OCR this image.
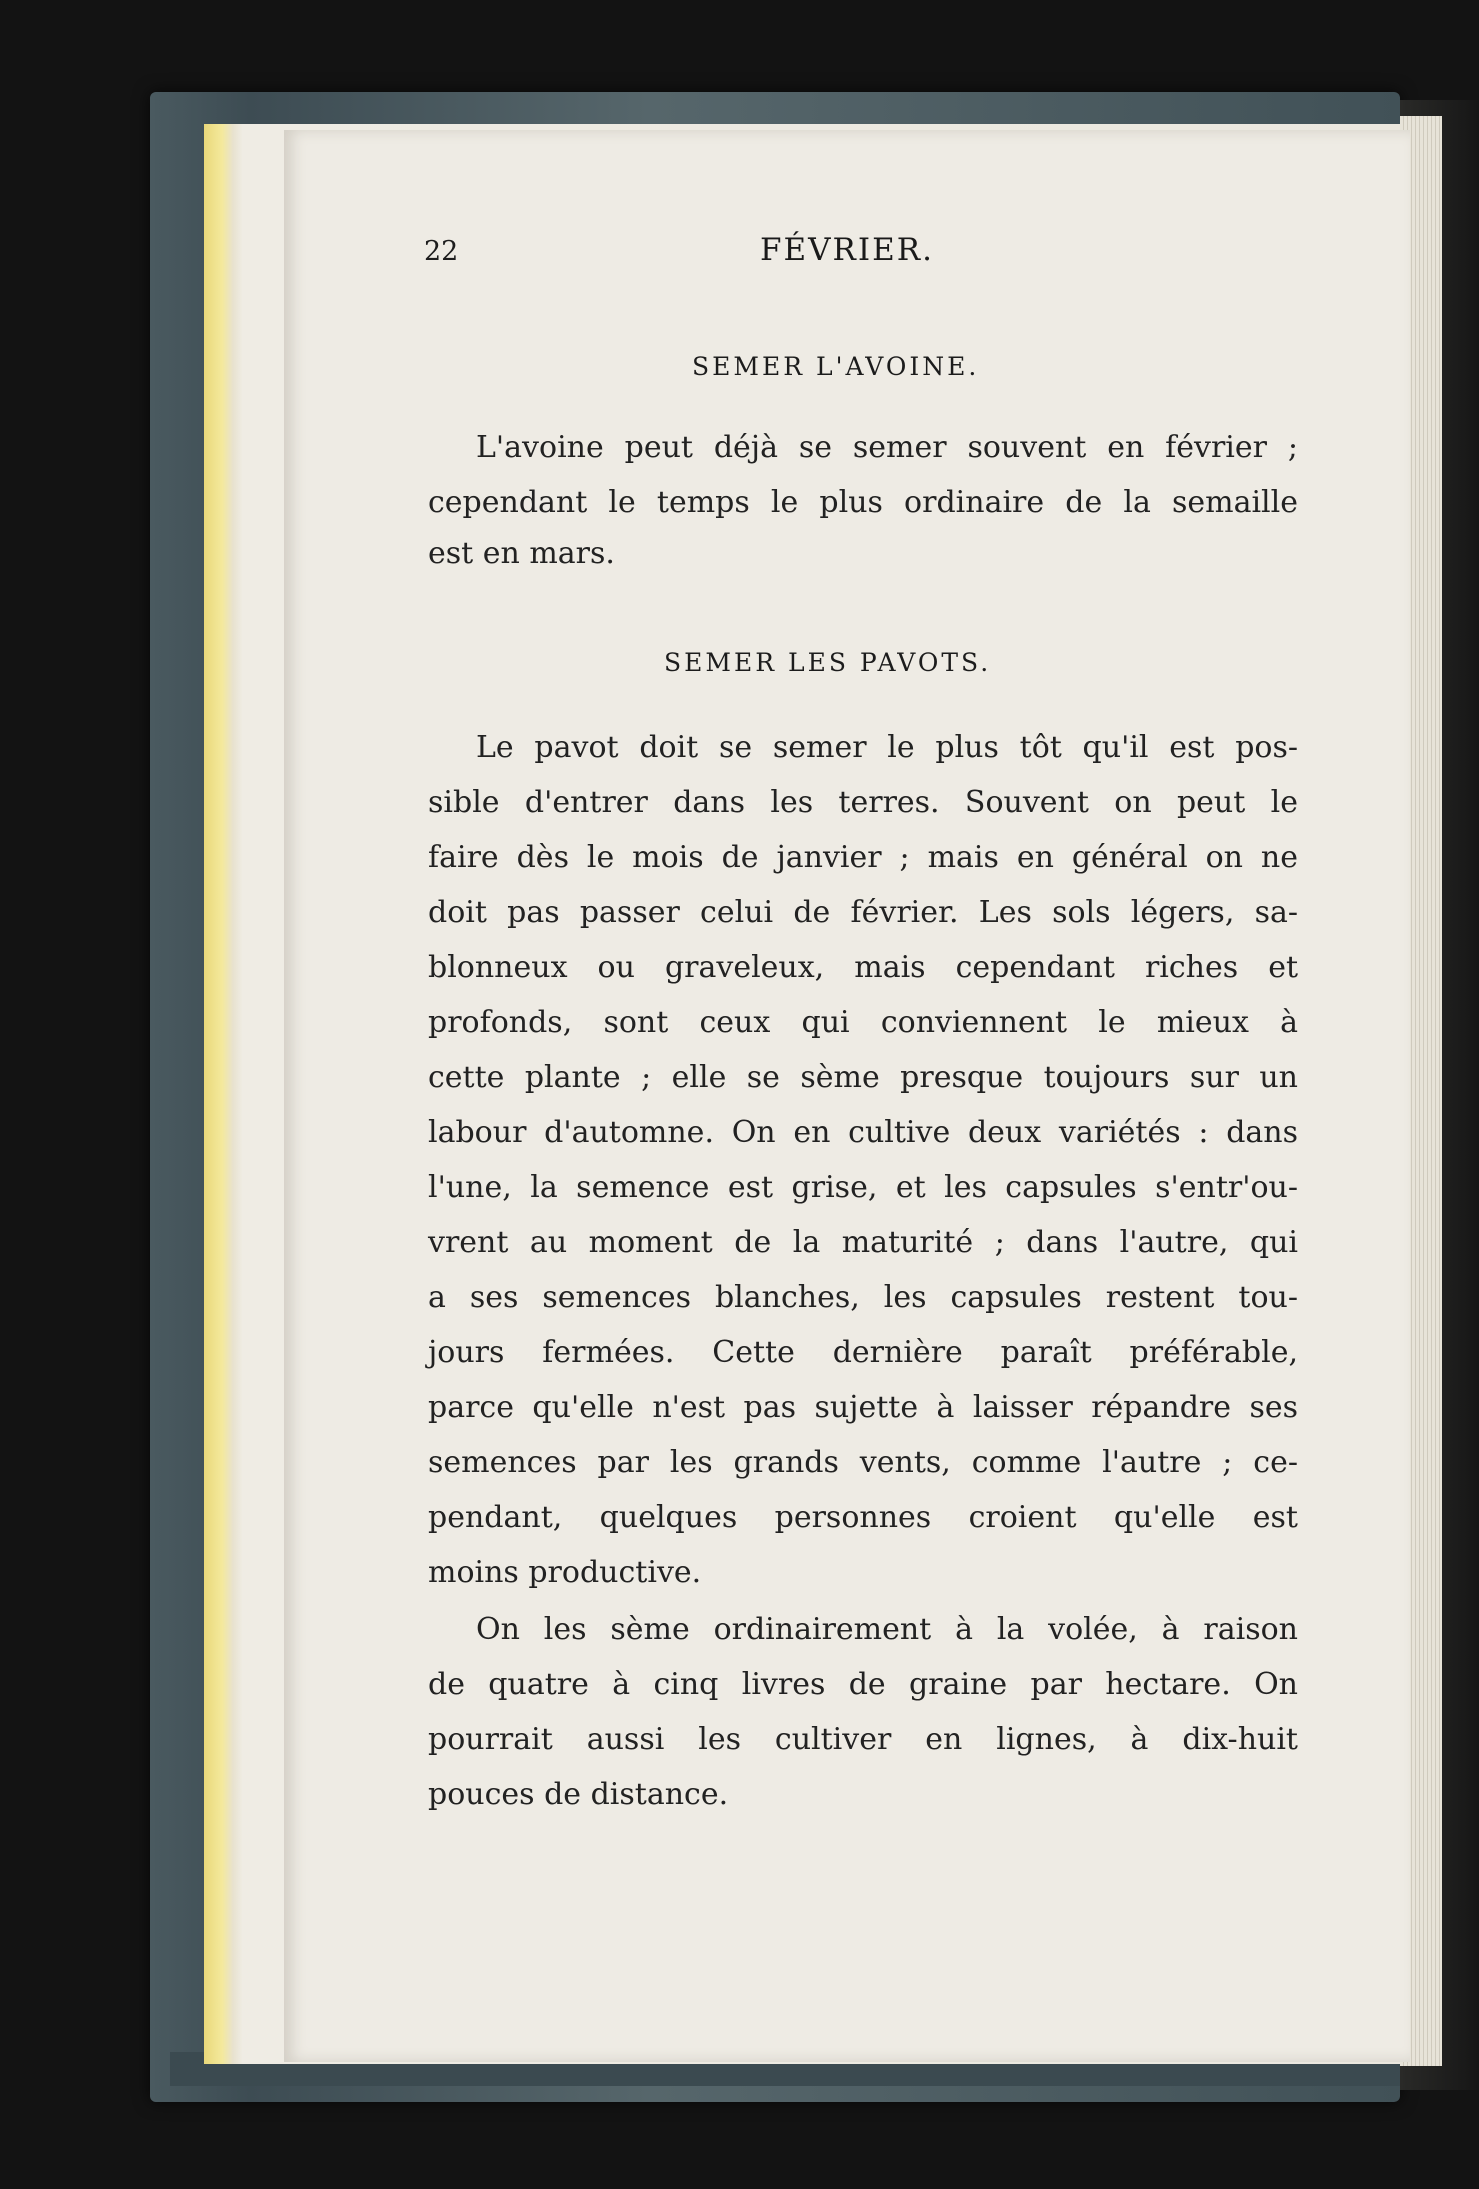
22	FÉVRIER.
SEMER L'AVOINE.
L'avoine peut déjà se semer souvent en février ;
cependant le temps le plus ordinaire de la semaille
est en mars.
SEMER LES PAVOTS.
Le pavot doit se semer le plus tôt qu'il est pos-
sible d'entrer dans les terres. Souvent on peut le
faire dès le mois de janvier ; mais en général on ne
doit pas passer celui de février. Les sols légers, sa-
blonneux ou graveleux, mais cependant riches et
profonds, sont ceux qui conviennent le mieux à
cette plante ; elle se sème presque toujours sur un
labour d'automne. On en cultive deux variétés : dans
l'une, la semence est grise, et les capsules s'entr'ou-
vrent au moment de la maturité ; dans l'autre, qui
a ses semences blanches, les capsules restent tou-
jours fermées. Cette dernière paraît préférable,
parce qu'elle n'est pas sujette à laisser répandre ses
semences par les grands vents, comme l'autre ; ce-
pendant, quelques personnes croient qu'elle est
moins productive.
On les sème ordinairement à la volée, à raison
de quatre à cinq livres de graine par hectare. On
pourrait aussi les cultiver en lignes, à dix-huit
pouces de distance.
